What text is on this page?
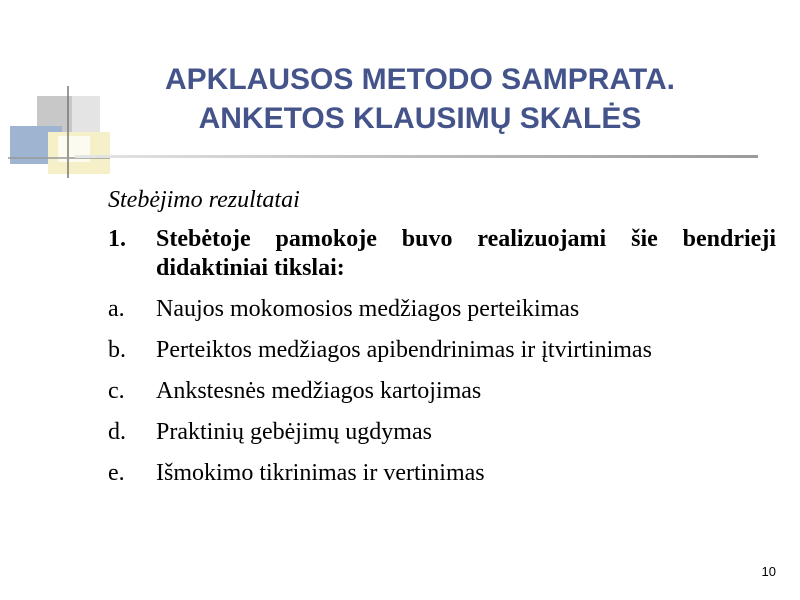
APKLAUSOS METODO SAMPRATA.
ANKETOS KLAUSIMŲ SKALĖS
Stebėjimo rezultatai
1.	Stebėtoje pamokoje buvo realizuojami šie bendrieji didaktiniai tikslai:
a.	Naujos mokomosios medžiagos perteikimas
b.	Perteiktos medžiagos apibendrinimas ir įtvirtinimas
c.	Ankstesnės medžiagos kartojimas
d.	Praktinių gebėjimų ugdymas
e.	Išmokimo tikrinimas ir vertinimas
10
